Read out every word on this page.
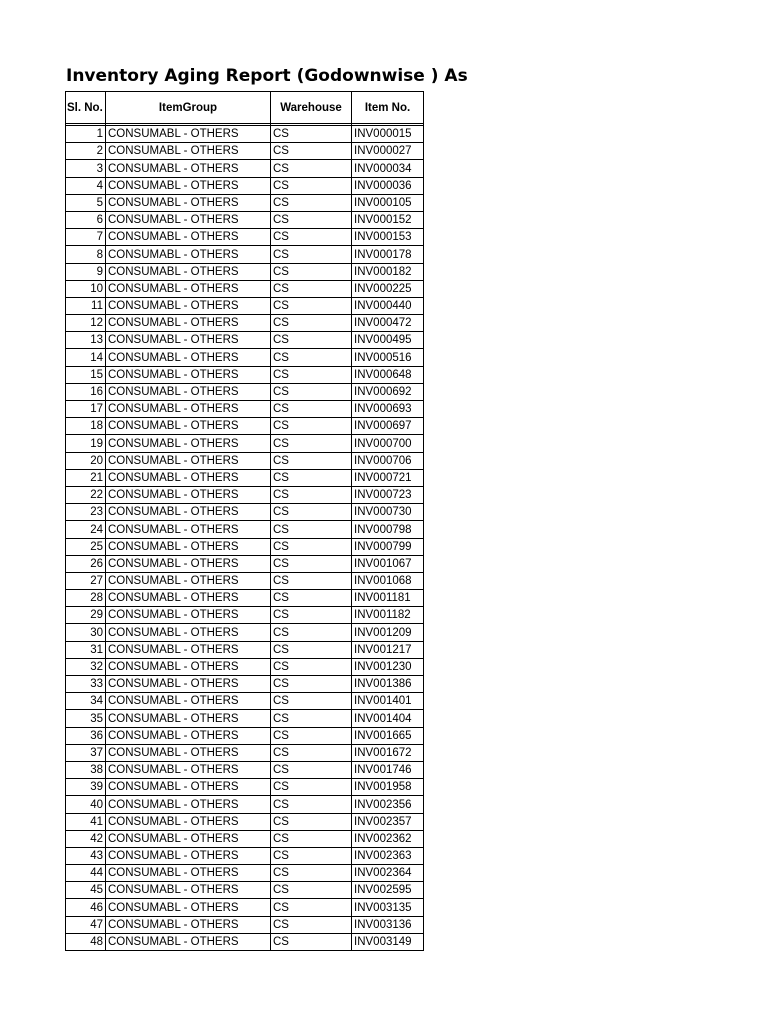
Inventory Aging Report (Godownwise ) As
Sl. No.	ItemGroup	Warehouse	Item No.

1	CONSUMABL - OTHERS	CS	INV000015
2	CONSUMABL - OTHERS	CS	INV000027
3	CONSUMABL - OTHERS	CS	INV000034
4	CONSUMABL - OTHERS	CS	INV000036
5	CONSUMABL - OTHERS	CS	INV000105
6	CONSUMABL - OTHERS	CS	INV000152
7	CONSUMABL - OTHERS	CS	INV000153
8	CONSUMABL - OTHERS	CS	INV000178
9	CONSUMABL - OTHERS	CS	INV000182
10	CONSUMABL - OTHERS	CS	INV000225
11	CONSUMABL - OTHERS	CS	INV000440
12	CONSUMABL - OTHERS	CS	INV000472
13	CONSUMABL - OTHERS	CS	INV000495
14	CONSUMABL - OTHERS	CS	INV000516
15	CONSUMABL - OTHERS	CS	INV000648
16	CONSUMABL - OTHERS	CS	INV000692
17	CONSUMABL - OTHERS	CS	INV000693
18	CONSUMABL - OTHERS	CS	INV000697
19	CONSUMABL - OTHERS	CS	INV000700
20	CONSUMABL - OTHERS	CS	INV000706
21	CONSUMABL - OTHERS	CS	INV000721
22	CONSUMABL - OTHERS	CS	INV000723
23	CONSUMABL - OTHERS	CS	INV000730
24	CONSUMABL - OTHERS	CS	INV000798
25	CONSUMABL - OTHERS	CS	INV000799
26	CONSUMABL - OTHERS	CS	INV001067
27	CONSUMABL - OTHERS	CS	INV001068
28	CONSUMABL - OTHERS	CS	INV001181
29	CONSUMABL - OTHERS	CS	INV001182
30	CONSUMABL - OTHERS	CS	INV001209
31	CONSUMABL - OTHERS	CS	INV001217
32	CONSUMABL - OTHERS	CS	INV001230
33	CONSUMABL - OTHERS	CS	INV001386
34	CONSUMABL - OTHERS	CS	INV001401
35	CONSUMABL - OTHERS	CS	INV001404
36	CONSUMABL - OTHERS	CS	INV001665
37	CONSUMABL - OTHERS	CS	INV001672
38	CONSUMABL - OTHERS	CS	INV001746
39	CONSUMABL - OTHERS	CS	INV001958
40	CONSUMABL - OTHERS	CS	INV002356
41	CONSUMABL - OTHERS	CS	INV002357
42	CONSUMABL - OTHERS	CS	INV002362
43	CONSUMABL - OTHERS	CS	INV002363
44	CONSUMABL - OTHERS	CS	INV002364
45	CONSUMABL - OTHERS	CS	INV002595
46	CONSUMABL - OTHERS	CS	INV003135
47	CONSUMABL - OTHERS	CS	INV003136
48	CONSUMABL - OTHERS	CS	INV003149
